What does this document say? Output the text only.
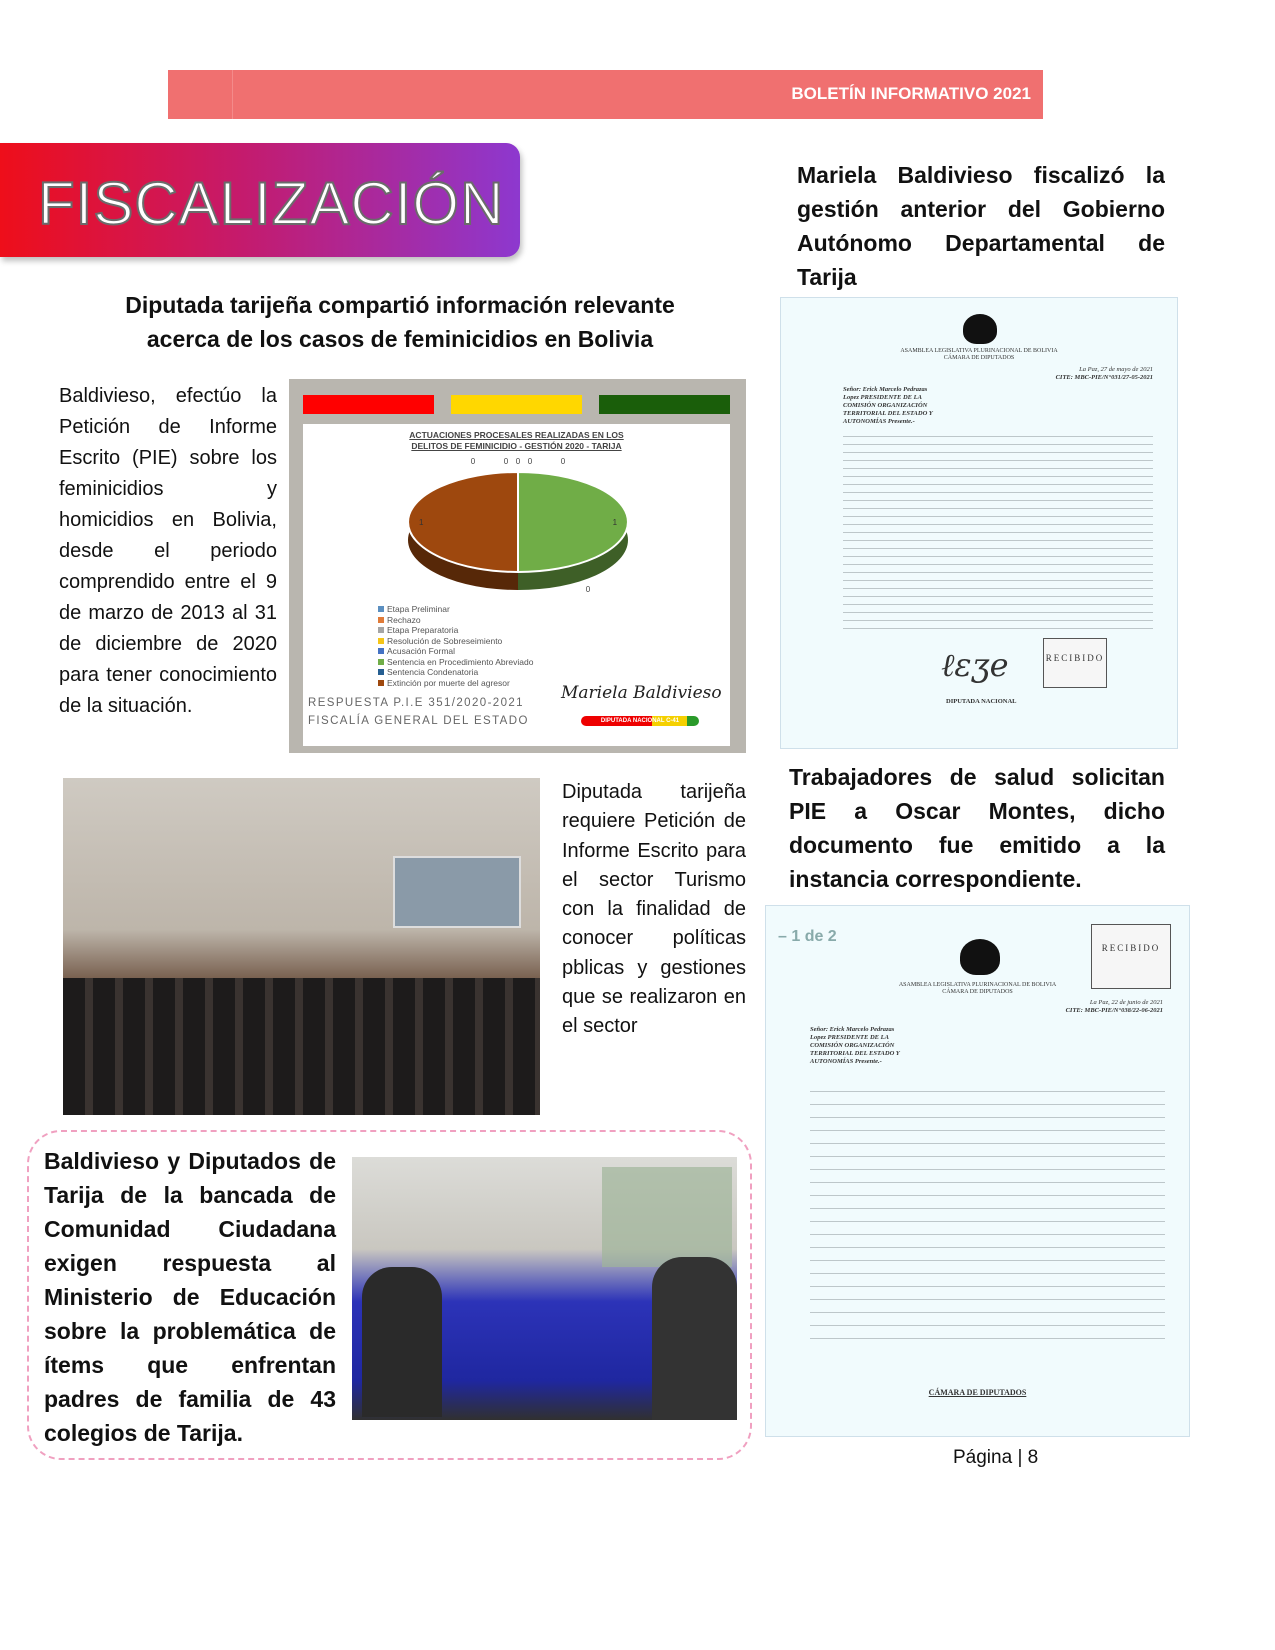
BOLETÍN INFORMATIVO 2021
FISCALIZACIÓN
Diputada tarijeña compartió información relevante
acerca de los casos de feminicidios en Bolivia
Baldivieso, efectúo la Petición de Informe Escrito (PIE) sobre los feminicidios y homicidios en Bolivia, desde el periodo comprendido entre el 9 de marzo de 2013 al 31 de diciembre de 2020 para tener conocimiento de la situación.
ACTUACIONES PROCESALES REALIZADAS EN LOS
DELITOS DE FEMINICIDIO - GESTIÓN 2020 - TARIJA
1
1
0	0 0 0	0
0
Etapa Preliminar
Rechazo
Etapa Preparatoria
Resolución de Sobreseimiento
Acusación Formal
Sentencia en Procedimiento Abreviado
Sentencia Condenatoria
Extinción por muerte del agresor
RESPUESTA P.I.E 351/2020-2021
FISCALÍA GENERAL DEL ESTADO
Mariela Baldivieso
DIPUTADA NACIONAL C-41
Mariela Baldivieso fiscalizó la gestión anterior del Gobierno Autónomo Departamental de Tarija
ASAMBLEA LEGISLATIVA PLURINACIONAL DE BOLIVIA
CÁMARA DE DIPUTADOS
La Paz, 27 de mayo de 2021
CITE: MBC-PIE/N°031/27-05-2021
Señor: Erick Marcelo Pedrazas Lopez PRESIDENTE DE LA COMISIÓN ORGANIZACIÓN TERRITORIAL DEL ESTADO Y AUTONOMÍAS Presente.-
ℓɛʒe
DIPUTADA NACIONAL
RECIBIDO
Diputada tarijeña requiere Petición de Informe Escrito para el sector Turismo con la finalidad de conocer políticas pblicas y gestiones que se realizaron en el sector
Trabajadores de salud solicitan PIE a Oscar Montes, dicho documento fue emitido a la instancia correspondiente.
– 1 de 2
ASAMBLEA LEGISLATIVA PLURINACIONAL DE BOLIVIA
CÁMARA DE DIPUTADOS
RECIBIDO
La Paz, 22 de junio de 2021
CITE: MBC-PIE/N°038/22-06-2021
Señor: Erick Marcelo Pedrazas Lopez PRESIDENTE DE LA COMISIÓN ORGANIZACIÓN TERRITORIAL DEL ESTADO Y AUTONOMÍAS Presente.-
CÁMARA DE DIPUTADOS
Baldivieso y Diputados de Tarija de la bancada de Comunidad Ciudadana exigen respuesta al Ministerio de Educación sobre la problemática de ítems que enfrentan padres de familia de 43 colegios de Tarija.
Página | 8
